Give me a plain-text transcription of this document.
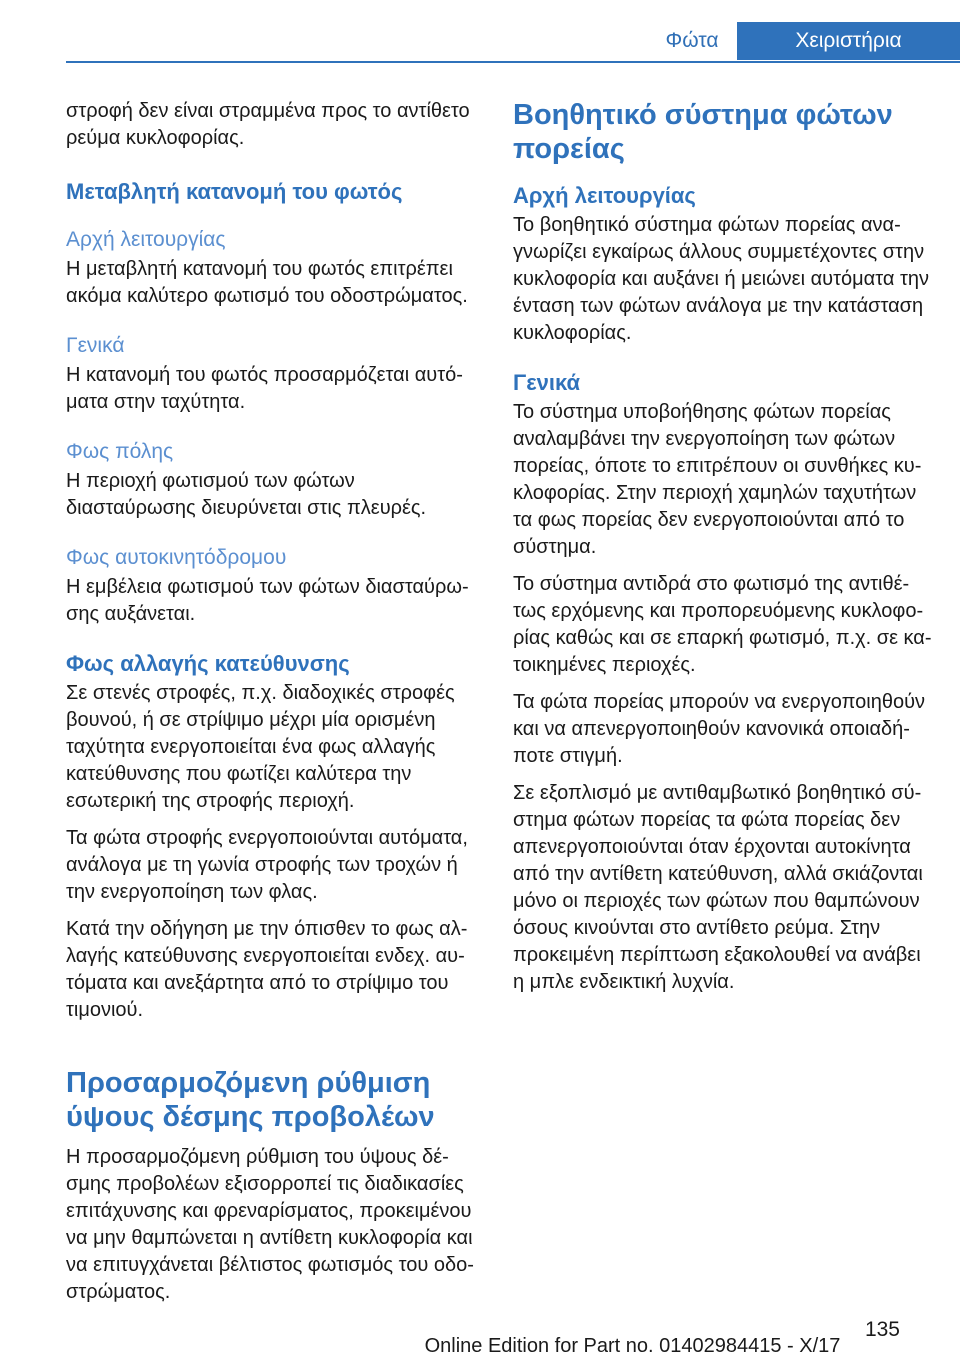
Φώτα	Χειριστήρια

στροφή δεν είναι στραμμένα προς το αντίθετο ρεύμα κυκλοφορίας.

Μεταβλητή κατανομή του φωτός
Αρχή λειτουργίας

Η μεταβλητή κατανομή του φωτός επιτρέπει ακόμα καλύτερο φωτισμό του οδοστρώματος.

Γενικά

Η κατανομή του φωτός προσαρμόζεται αυτόματα στην ταχύτητα.

Φως πόλης

Η περιοχή φωτισμού των φώτων διασταύρωσης διευρύνεται στις πλευρές.

Φως αυτοκινητόδρομου

Η εμβέλεια φωτισμού των φώτων διασταύρωσης αυξάνεται.

Φως αλλαγής κατεύθυνσης

Σε στενές στροφές, π.χ. διαδοχικές στροφές βουνού, ή σε στρίψιμο μέχρι μία ορισμένη ταχύτητα ενεργοποιείται ένα φως αλλαγής κατεύθυνσης που φωτίζει καλύτερα την εσωτερική της στροφής περιοχή.

Τα φώτα στροφής ενεργοποιούνται αυτόματα, ανάλογα με τη γωνία στροφής των τροχών ή την ενεργοποίηση των φλας.

Κατά την οδήγηση με την όπισθεν το φως αλλαγής κατεύθυνσης ενεργοποιείται ενδεχ. αυτόματα και ανεξάρτητα από το στρίψιμο του τιμονιού.

Προσαρμοζόμενη ρύθμιση ύψους δέσμης προβολέων

Η προσαρμοζόμενη ρύθμιση του ύψους δέσμης προβολέων εξισορροπεί τις διαδικασίες επιτάχυνσης και φρεναρίσματος, προκειμένου να μην θαμπώνεται η αντίθετη κυκλοφορία και να επιτυγχάνεται βέλτιστος φωτισμός του οδοστρώματος.

Βοηθητικό σύστημα φώτων πορείας
Αρχή λειτουργίας

Το βοηθητικό σύστημα φώτων πορείας αναγνωρίζει εγκαίρως άλλους συμμετέχοντες στην κυκλοφορία και αυξάνει ή μειώνει αυτόματα την ένταση των φώτων ανάλογα με την κατάσταση κυκλοφορίας.

Γενικά

Το σύστημα υποβοήθησης φώτων πορείας αναλαμβάνει την ενεργοποίηση των φώτων πορείας, όποτε το επιτρέπουν οι συνθήκες κυκλοφορίας. Στην περιοχή χαμηλών ταχυτήτων τα φως πορείας δεν ενεργοποιούνται από το σύστημα.

Το σύστημα αντιδρά στο φωτισμό της αντιθέτως ερχόμενης και προπορευόμενης κυκλοφορίας καθώς και σε επαρκή φωτισμό, π.χ. σε κατοικημένες περιοχές.

Τα φώτα πορείας μπορούν να ενεργοποιηθούν και να απενεργοποιηθούν κανονικά οποιαδήποτε στιγμή.

Σε εξοπλισμό με αντιθαμβωτικό βοηθητικό σύστημα φώτων πορείας τα φώτα πορείας δεν απενεργοποιούνται όταν έρχονται αυτοκίνητα από την αντίθετη κατεύθυνση, αλλά σκιάζονται μόνο οι περιοχές των φώτων που θαμπώνουν όσους κινούνται στο αντίθετο ρεύμα. Στην προκειμένη περίπτωση εξακολουθεί να ανάβει η μπλε ενδεικτική λυχνία.

135
Online Edition for Part no. 01402984415 - X/17
